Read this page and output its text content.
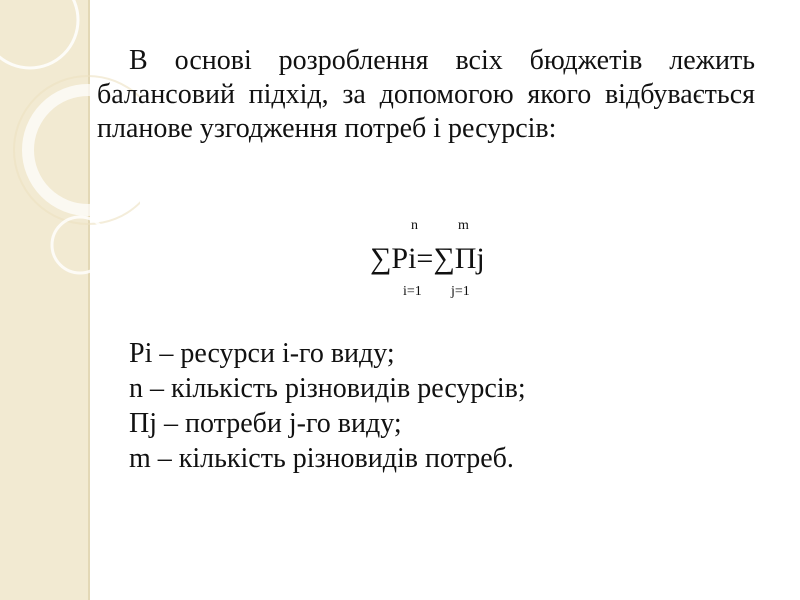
В основі розроблення всіх бюджетів лежить балансовий підхід, за допомогою якого відбувається планове узгодження потреб і ресурсів:

n	m
∑Pі=∑Пj
i=1 j=1
Pі – ресурси і-го виду;
n – кількість різновидів ресурсів;
Пj – потреби j-го виду;
m – кількість різновидів потреб.
